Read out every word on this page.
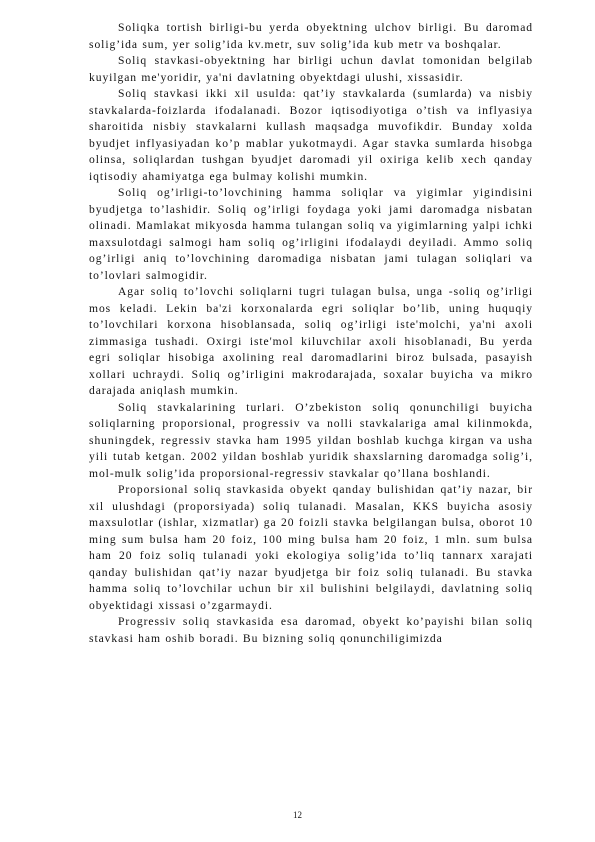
Soliqka tortish birligi-bu yerda obyektning ulchov birligi. Bu daromad solig’ida sum, yer solig’ida kv.metr, suv solig’ida kub metr va boshqalar.

Soliq stavkasi-obyektning har birligi uchun davlat tomonidan belgilab kuyilgan me'yoridir, ya'ni davlatning obyektdagi ulushi, xissasidir.

Soliq stavkasi ikki xil usulda: qat’iy stavkalarda (sumlarda) va nisbiy stavkalarda-foizlarda ifodalanadi. Bozor iqtisodiyotiga o’tish va inflyasiya sharoitida nisbiy stavkalarni kullash maqsadga muvofikdir. Bunday xolda byudjet inflyasiyadan ko’p mablar yukotmaydi. Agar stavka sumlarda hisobga olinsa, soliqlardan tushgan byudjet daromadi yil oxiriga kelib xech qanday iqtisodiy ahamiyatga ega bulmay kolishi mumkin.

Soliq og’irligi-to’lovchining hamma soliqlar va yigimlar yigindisini byudjetga to’lashidir. Soliq og’irligi foydaga yoki jami daromadga nisbatan olinadi. Mamlakat mikyosda hamma tulangan soliq va yigimlarning yalpi ichki maxsulotdagi salmogi ham soliq og’irligini ifodalaydi deyiladi. Ammo soliq og’irligi aniq to’lovchining daromadiga nisbatan jami tulagan soliqlari va to’lovlari salmogidir.

Agar soliq to’lovchi soliqlarni tugri tulagan bulsa, unga -soliq og’irligi mos keladi. Lekin ba'zi korxonalarda egri soliqlar bo’lib, uning huquqiy to’lovchilari korxona hisoblansada, soliq og’irligi iste'molchi, ya'ni axoli zimmasiga tushadi. Oxirgi iste'mol kiluvchilar axoli hisoblanadi, Bu yerda egri soliqlar hisobiga axolining real daromadlarini biroz bulsada, pasayish xollari uchraydi. Soliq og’irligini makrodarajada, soxalar buyicha va mikro darajada aniqlash mumkin.

Soliq stavkalarining turlari. O’zbekiston soliq qonunchiligi buyicha soliqlarning proporsional, progressiv va nolli stavkalariga amal kilinmokda, shuningdek, regressiv stavka ham 1995 yildan boshlab kuchga kirgan va usha yili tutab ketgan. 2002 yildan boshlab yuridik shaxslarning daromadga solig’i, mol-mulk solig’ida proporsional-regressiv stavkalar qo’llana boshlandi.

Proporsional soliq stavkasida obyekt qanday bulishidan qat’iy nazar, bir xil ulushdagi (proporsiyada) soliq tulanadi. Masalan, KKS buyicha asosiy maxsulotlar (ishlar, xizmatlar) ga 20 foizli stavka belgilangan bulsa, oborot 10 ming sum bulsa ham 20 foiz, 100 ming bulsa ham 20 foiz, 1 mln. sum bulsa ham 20 foiz soliq tulanadi yoki ekologiya solig’ida to’liq tannarx xarajati qanday bulishidan qat’iy nazar byudjetga bir foiz soliq tulanadi. Bu stavka hamma soliq to’lovchilar uchun bir xil bulishini belgilaydi, davlatning soliq obyektidagi xissasi o’zgarmaydi.

Progressiv soliq stavkasida esa daromad, obyekt ko’payishi bilan soliq stavkasi ham oshib boradi. Bu bizning soliq qonunchiligimizda

12
